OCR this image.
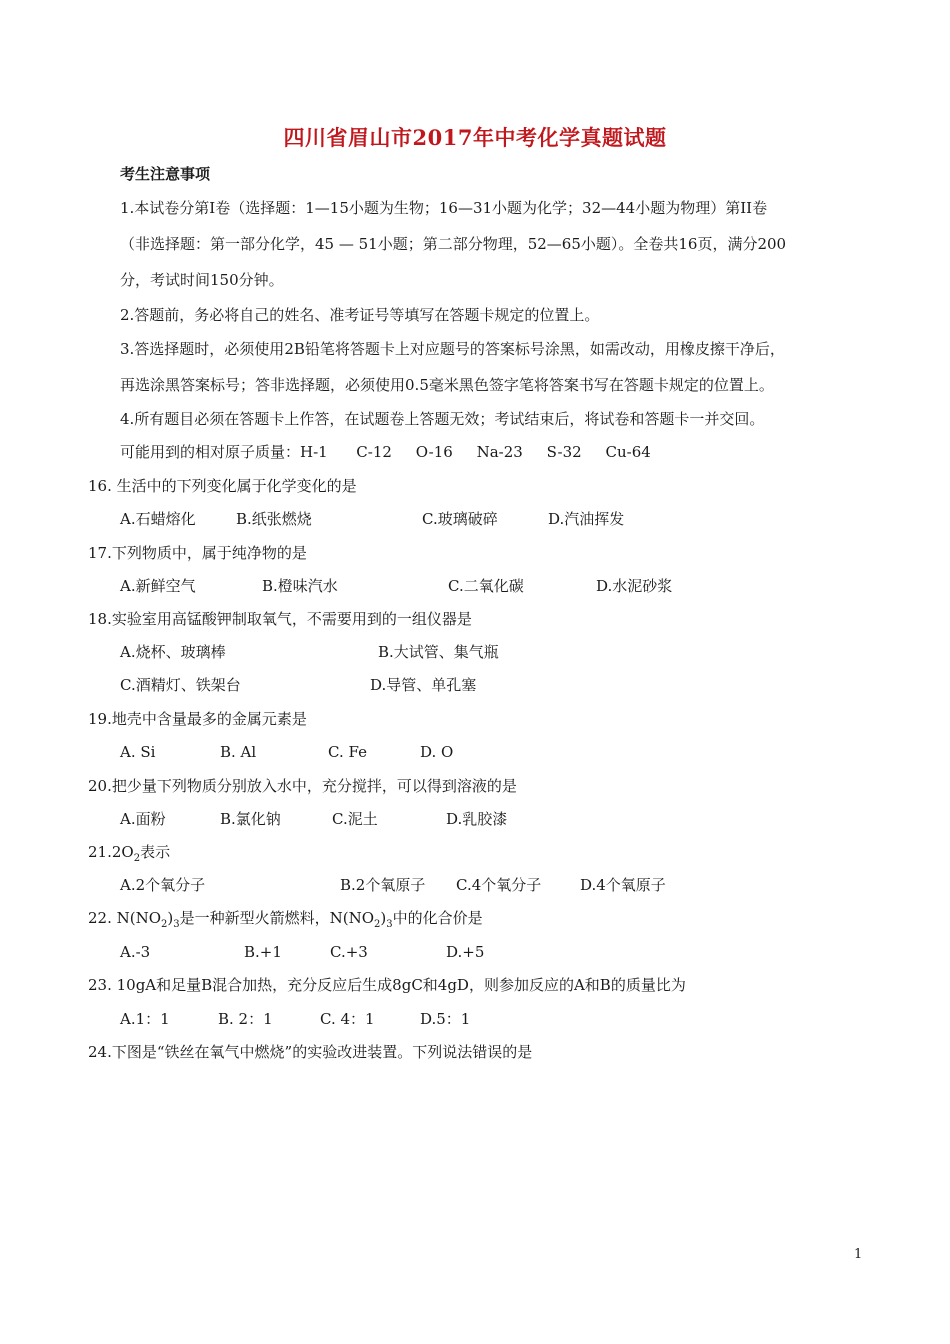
四川省眉山市2017年中考化学真题试题
考生注意事项
1.本试卷分第Ⅰ卷（选择题：1—15小题为生物；16—31小题为化学；32—44小题为物理）第II卷
（非选择题：第一部分化学，45 — 51小题；第二部分物理，52—65小题）。全卷共16页，满分200
分，考试时间150分钟。
2.答题前，务必将自己的姓名、准考证号等填写在答题卡规定的位置上。
3.答选择题时，必须使用2B铅笔将答题卡上对应题号的答案标号涂黑，如需改动，用橡皮擦干净后，
再选涂黑答案标号；答非选择题，必须使用0.5毫米黑色签字笔将答案书写在答题卡规定的位置上。
4.所有题目必须在答题卡上作答，在试题卷上答题无效；考试结束后，将试卷和答题卡一并交回。
可能用到的相对原子质量：H-1      C-12     O-16     Na-23     S-32     Cu-64
16. 生活中的下列变化属于化学变化的是
A.石蜡熔化	B.纸张燃烧	C.玻璃破碎	D.汽油挥发
17.下列物质中，属于纯净物的是
A.新鲜空气	B.橙味汽水	C.二氧化碳	D.水泥砂浆
18.实验室用高锰酸钾制取氧气，不需要用到的一组仪器是
A.烧杯、玻璃棒	B.大试管、集气瓶
C.酒精灯、铁架台	D.导管、单孔塞
19.地壳中含量最多的金属元素是
A. Si	B. Al	C. Fe	D. O
20.把少量下列物质分别放入水中，充分搅拌，可以得到溶液的是
A.面粉	B.氯化钠	C.泥土	D.乳胶漆
$21.2O_2$表示
A.2个氧分子	B.2个氧原子 C.4个氧分子	D.4个氧原子
22. $N(NO_2)_3$是一种新型火箭燃料，$N(NO_2)_3$中的化合价是
A.-3	B.+1	C.+3	D.+5
23. 10gA和足量B混合加热，充分反应后生成8gC和4gD，则参加反应的A和B的质量比为
A.1：1	B. 2：1	C. 4：1	D.5：1
24.下图是“铁丝在氧气中燃烧”的实验改进装置。下列说法错误的是
1
